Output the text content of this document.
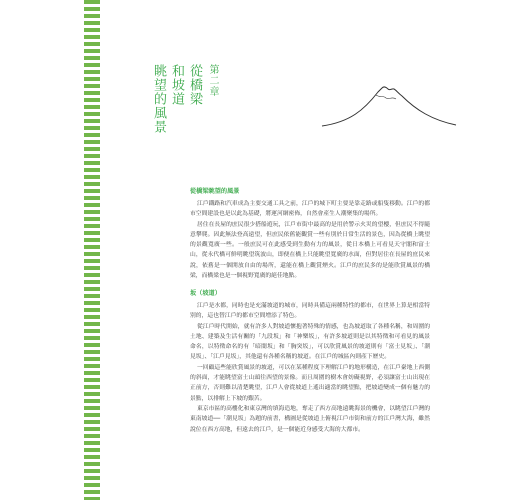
第二章
從橋梁
和坡道
眺望的風景
從橋梁眺望的風景

江戶鐵路和汽車成為主要交通工具之前，江戶的城下町主要是靠走路或船隻移動。江戶的都市空間建設也是以此為基礎，將運河網密佈，自然會產生人潮聚集的場所。

居住在長屋的庶民很少搭船遊玩，江戶市街中最高的是用於警示火災的望樓，但庶民不得隨意攀爬。因此無法登高遠望，但庶民依舊能觀賞一些有別於日常生活的景色，因為從橋上眺望的景觀寬廣一些。一般庶民可在此感受到生動有力的風景，從日本橋上可看見天守閣和富士山，從永代橋可鮮明眺望筑波山，即便在橋上只能眺望寬廣的水面，但對居住在長屋的庶民來說，依舊是一個開放自由的場所，還能在橋上觀賞煙火。江戶的庶民多的是能欣賞風景的橋梁，而橋梁也是一個視野寬廣的絕佳地點。

坂（坡道）

江戶是水都，同時也是充滿坡道的城市，同時具備這兩種特性的都市，在世界上算是相當特別的，這也替江戶的都市空間增添了特色。

從江戶時代開始，就有許多人對坡道懷抱著特殊的情感，也為坡道取了各種名稱，和周圍的土地、建築及生活有關的「九段坂」和「神樂坂」，有許多坡道則是以其特徵和可看見的風景命名，以特徵命名的有「暗闇坂」和「胸突坂」，可以欣賞風景的坡道則有「富士見坂」、「潮見坂」、「江戶見坂」，其他還有各種名稱的坡道。在江戶的城區內則產下歷史。

一回顧這些能欣賞風景的坡道，可以在某種程度下理解江戶的地形構造，在江戶臺地上西側的斜面，才能眺望富士山頭往西望的景像。而且周圍的樹木會妨礙視野，必須讓富士山出現在正前方，否則難以清楚眺望，江戶人會從坡道上遙出適當的眺望點，把坡道變成一個有魅力的景點，以排解上下坡的艱苦。

東京市區的高樓化和東京灣的填海造地，奪走了西方高地遠眺海景的機會，以眺望江戶灣的東南坡道──「潮見坂」為題的前書，構圖是從坡道上俯視江戶市街和前方的江戶灣大海，雖然說位在西方高地，但遠去的江戶，是一個能近身感受大海的大都市。
